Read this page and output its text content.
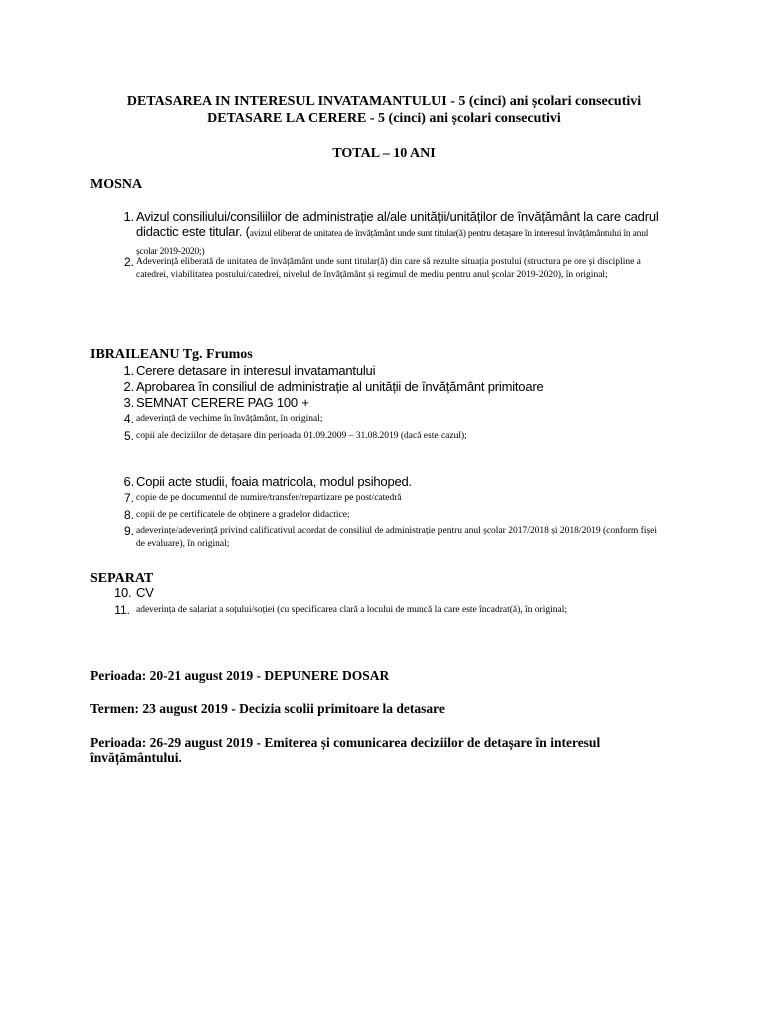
DETASAREA IN INTERESUL INVATAMANTULUI - 5 (cinci) ani școlari consecutivi
DETASARE LA CERERE - 5 (cinci) ani școlari consecutivi
TOTAL – 10 ANI
MOSNA
1. Avizul consiliului/consiliilor de administrație al/ale unității/unităților de învățământ la care cadrul didactic este titular. (avizul eliberat de unitatea de învățământ unde sunt titular(ă) pentru detașare în interesul învățământului în anul școlar 2019-2020;)
2. Adeverință eliberată de unitatea de învățământ unde sunt titular(ă) din care să rezulte situația postului (structura pe ore și discipline a catedrei, viabilitatea postului/catedrei, nivelul de învățământ și regimul de mediu pentru anul școlar 2019-2020), în original;
IBRAILEANU Tg. Frumos
1. Cerere detasare in interesul invatamantului
2. Aprobarea în consiliul de administrație al unității de învățământ primitoare
3. SEMNAT CERERE PAG 100 +
4. adeverință de vechime în învățământ, în original;
5. copii ale deciziilor de detașare din perioada 01.09.2009 – 31.08.2019 (dacă este cazul);
6. Copii acte studii, foaia matricola, modul psihoped.
7. copie de pe documentul de numire/transfer/repartizare pe post/catedră
8. copii de pe certificatele de obținere a gradelor didactice;
9. adeverințe/adeverință privind calificativul acordat de consiliul de administrație pentru anul școlar 2017/2018 și 2018/2019 (conform fișei de evaluare), în original;
SEPARAT
10. CV
11. adeverința de salariat a soțului/soției (cu specificarea clară a locului de muncă la care este încadrat(ă), în original;
Perioada: 20-21 august 2019 - DEPUNERE DOSAR
Termen: 23 august 2019 - Decizia scolii primitoare la detasare
Perioada: 26-29 august 2019 - Emiterea și comunicarea deciziilor de detașare în interesul învățământului.
